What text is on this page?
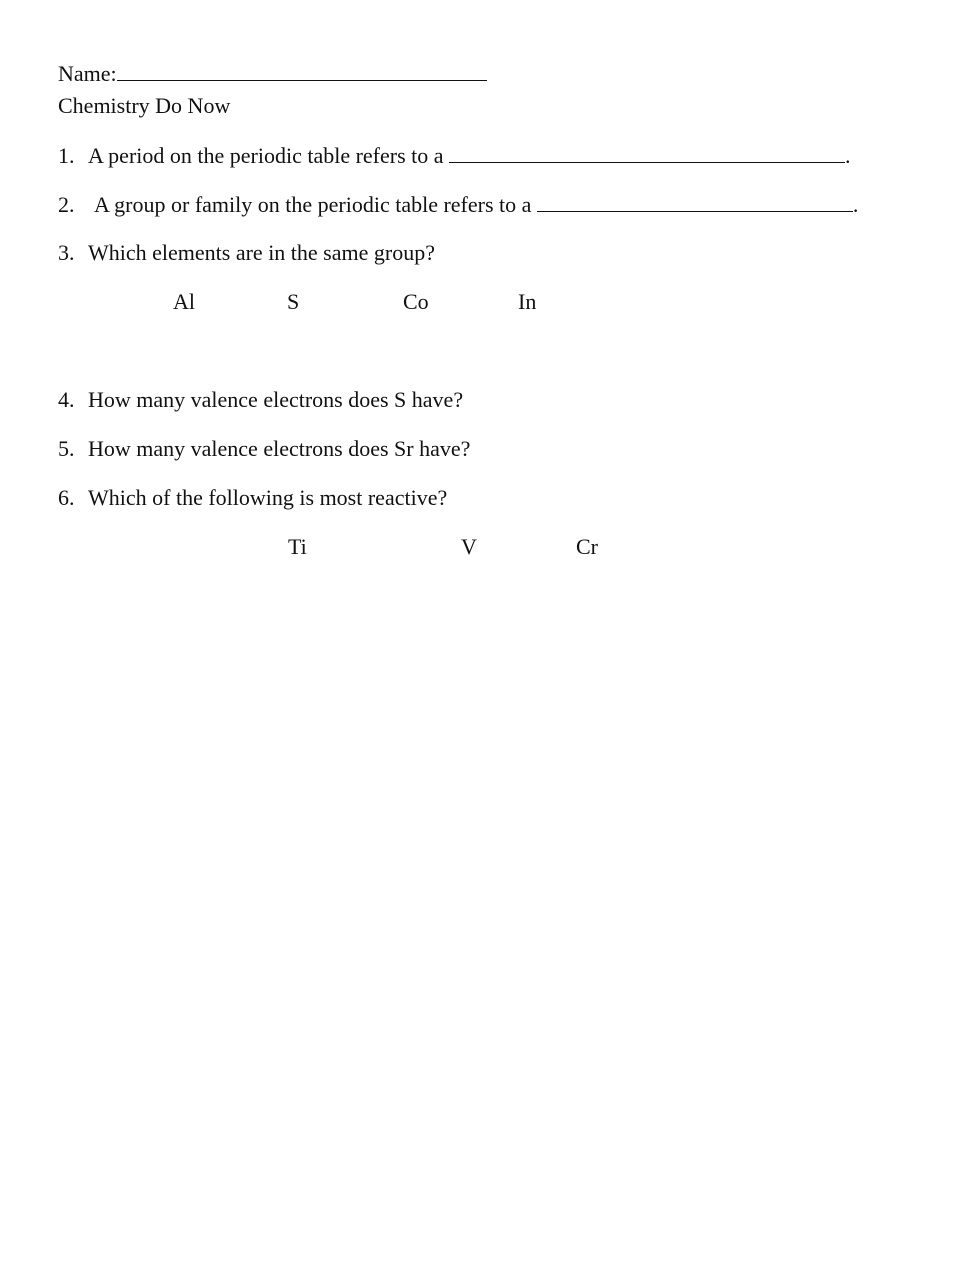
Name:
Chemistry Do Now
1. A period on the periodic table refers to a	.
2. A group or family on the periodic table refers to a	.
3. Which elements are in the same group?
Al	S	Co	In
4. How many valence electrons does S have?
5. How many valence electrons does Sr have?
6. Which of the following is most reactive?
Ti	V	Cr
